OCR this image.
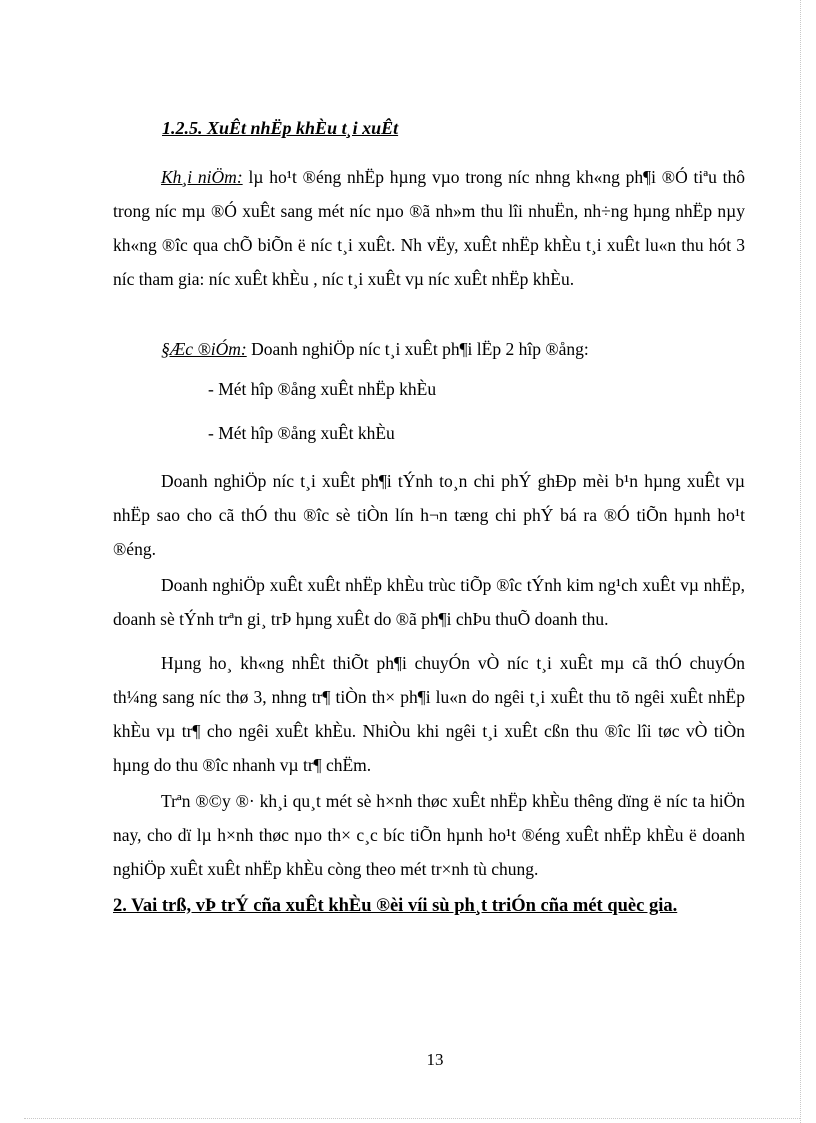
1.2.5. XuÊt nhËp khÈu t¸i xuÊt
Kh¸i niÖm: lµ ho¹t ®éng nhËp hµng vµo trong níc nhng kh«ng ph¶i ®Ó tiªu thô trong níc mµ ®Ó xuÊt sang mét níc nµo ®ã nh»m thu lîi nhuËn, nh÷ng hµng nhËp nµy kh«ng ®îc qua chÕ biÕn ë níc t¸i xuÊt. Nh vËy, xuÊt nhËp khÈu t¸i xuÊt lu«n thu hót 3 níc tham gia: níc xuÊt khÈu , níc t¸i xuÊt vµ níc xuÊt nhËp khÈu.
§Æc ®iÓm: Doanh nghiÖp níc t¸i xuÊt ph¶i lËp 2 hîp ®ång:
- Mét hîp ®ång xuÊt nhËp khÈu
- Mét hîp ®ång xuÊt khÈu
Doanh nghiÖp níc t¸i xuÊt ph¶i tÝnh to¸n chi phÝ ghÐp mèi b¹n hµng xuÊt vµ nhËp sao cho cã thÓ thu ®îc sè tiÒn lín h¬n tæng chi phÝ bá ra ®Ó tiÕn hµnh ho¹t ®éng.
Doanh nghiÖp xuÊt xuÊt nhËp khÈu trùc tiÕp ®îc tÝnh kim ng¹ch xuÊt vµ nhËp, doanh sè tÝnh trªn gi¸ trÞ hµng xuÊt do ®ã ph¶i chÞu thuÕ doanh thu.
Hµng ho¸ kh«ng nhÊt thiÕt ph¶i chuyÓn vÒ níc t¸i xuÊt mµ cã thÓ chuyÓn th¼ng sang níc thø 3, nhng tr¶ tiÒn th× ph¶i lu«n do ngêi t¸i xuÊt thu tõ ngêi xuÊt nhËp khÈu vµ tr¶ cho ngêi xuÊt khÈu. NhiÒu khi ngêi t¸i xuÊt cßn thu ®îc lîi tøc vÒ tiÒn hµng do thu ®îc nhanh vµ tr¶ chËm.
Trªn ®©y ®· kh¸i qu¸t mét sè h×nh thøc xuÊt nhËp khÈu thêng dïng ë níc ta hiÖn nay, cho dï lµ h×nh thøc nµo th× c¸c bíc tiÕn hµnh ho¹t ®éng xuÊt nhËp khÈu ë doanh nghiÖp xuÊt xuÊt nhËp khÈu còng theo mét tr×nh tù chung.
2. Vai trß, vÞ trÝ cña xuÊt khÈu ®èi víi sù ph¸t triÓn cña mét quèc gia.
13
